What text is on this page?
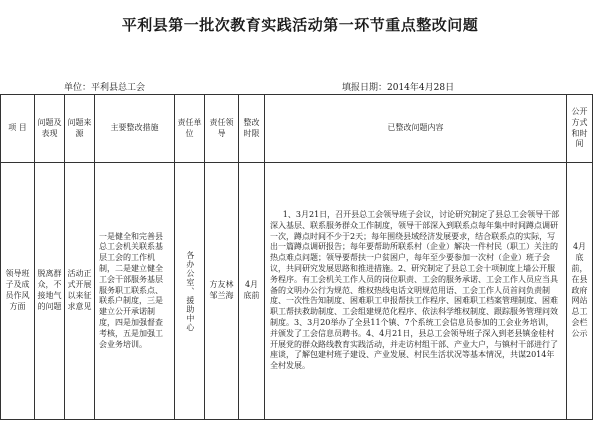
平利县第一批次教育实践活动第一环节重点整改问题
单位：平利县总工会	填报日期：2014年4月28日
项 目	问题及表现	问题来源	主要整改措施	责任单位	责任领导	整改时限	已整改问题内容	公开方式和时间
领导班子及成员作风方面	脱离群众，不接地气的问题	活动正式开展以来征求意见	一是健全和完善县总工会机关联系基层工会的工作机制，二是建立健全工会干部服务基层服务职工联系点、联系户制度，三是建立公开承诺制度，四是加强督查考核，五是加强工会业务培训。	各办公室、援助中心	方友林邹兰海	4月底前	1、3月21日，召开县总工会领导班子会议，讨论研究制定了县总工会领导干部深入基层、联系服务群众工作制度，领导干部深入到联系点每年集中时间蹲点调研一次，蹲点时间不少于2天；每年围绕县域经济发展要求，结合联系点的实际，写出一篇蹲点调研报告；每年要帮助所联系村（企业）解决一件村民（职工）关注的热点难点问题；领导要帮扶一户贫困户，每年至少要参加一次村（企业）班子会议，共同研究发展思路和推进措施。2、研究制定了县总工会十项制度上墙公开服务程序。有工会机关工作人员的岗位职责、工会的服务承诺、工会工作人员应当具备的文明办公行为规范、维权热线电话文明规范用语、工会工作人员首问负责制度、一次性告知制度、困难职工申报帮扶工作程序、困难职工档案管理制度、困难职工帮扶救助制度、工会组建规范化程序、依法科学维权制度、跟踪服务管理问效制度。3、3月20举办了全县11个镇、7个系统工会信息员参加的工会业务培训，并颁发了工会信息员聘书。4、4月21日，县总工会领导班子深入到老县镇金桂村开展党的群众路线教育实践活动，并走访村组干部、产业大户，与镇村干部进行了座谈，了解包建村班子建设、产业发展、村民生活状况等基本情况，共谋2014年全村发展。	4月底前，在县政府网站总工会栏公示
